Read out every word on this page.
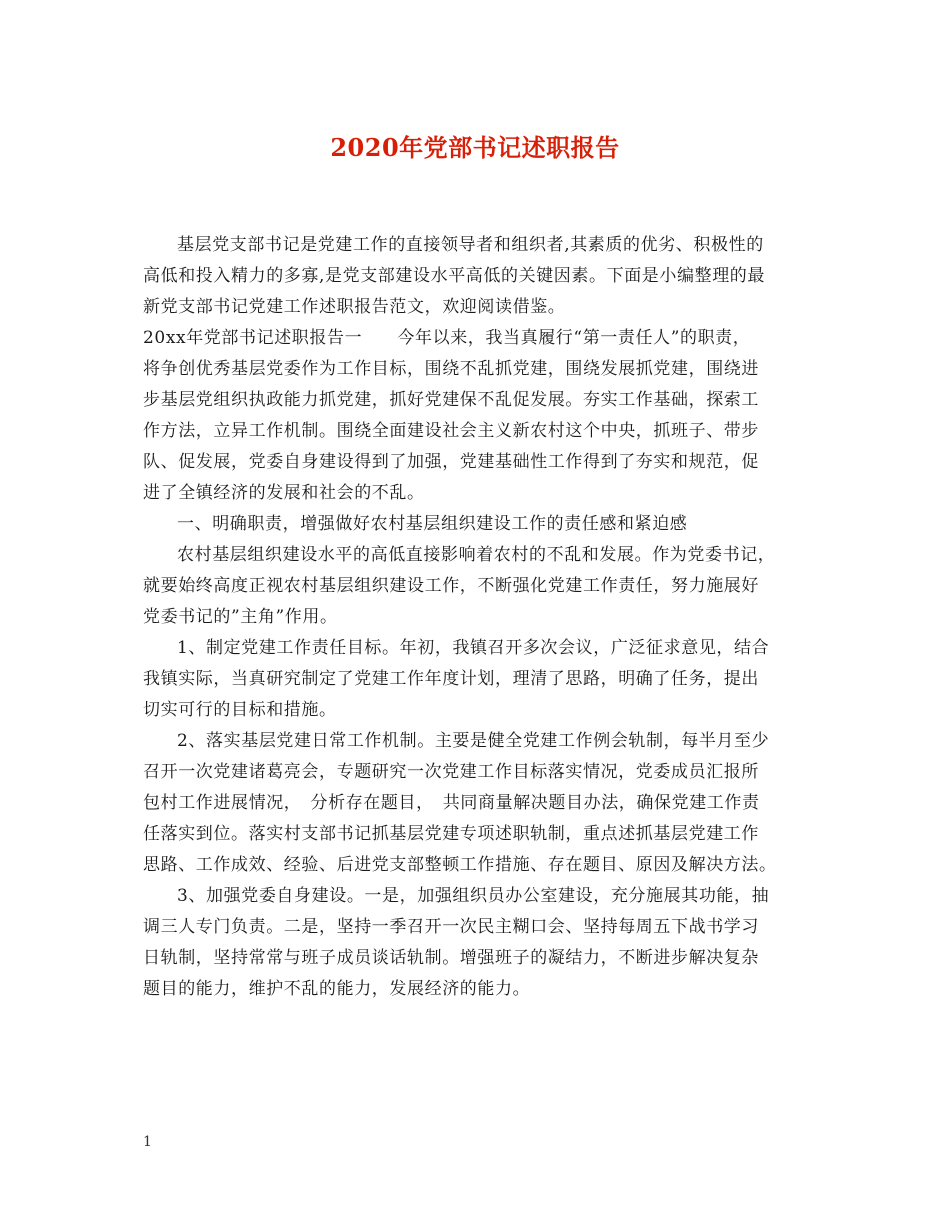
2020年党部书记述职报告
基层党支部书记是党建工作的直接领导者和组织者,其素质的优劣、积极性的
高低和投入精力的多寡,是党支部建设水平高低的关键因素。下面是小编整理的最
新党支部书记党建工作述职报告范文，欢迎阅读借鉴。
20xx年党部书记述职报告一　　今年以来，我当真履行“第一责任人”的职责，
将争创优秀基层党委作为工作目标，围绕不乱抓党建，围绕发展抓党建，围绕进
步基层党组织执政能力抓党建，抓好党建保不乱促发展。夯实工作基础，探索工
作方法，立异工作机制。围绕全面建设社会主义新农村这个中央，抓班子、带步
队、促发展，党委自身建设得到了加强，党建基础性工作得到了夯实和规范，促
进了全镇经济的发展和社会的不乱。
一、明确职责，增强做好农村基层组织建设工作的责任感和紧迫感
农村基层组织建设水平的高低直接影响着农村的不乱和发展。作为党委书记，
就要始终高度正视农村基层组织建设工作，不断强化党建工作责任，努力施展好
党委书记的”主角”作用。
1、制定党建工作责任目标。年初，我镇召开多次会议，广泛征求意见，结合
我镇实际，当真研究制定了党建工作年度计划，理清了思路，明确了任务，提出
切实可行的目标和措施。
2、落实基层党建日常工作机制。主要是健全党建工作例会轨制，每半月至少
召开一次党建诸葛亮会，专题研究一次党建工作目标落实情况，党委成员汇报所
包村工作进展情况，　分析存在题目，　共同商量解决题目办法，确保党建工作责
任落实到位。落实村支部书记抓基层党建专项述职轨制，重点述抓基层党建工作
思路、工作成效、经验、后进党支部整顿工作措施、存在题目、原因及解决方法。
3、加强党委自身建设。一是，加强组织员办公室建设，充分施展其功能，抽
调三人专门负责。二是，坚持一季召开一次民主糊口会、坚持每周五下战书学习
日轨制，坚持常常与班子成员谈话轨制。增强班子的凝结力，不断进步解决复杂
题目的能力，维护不乱的能力，发展经济的能力。
1
